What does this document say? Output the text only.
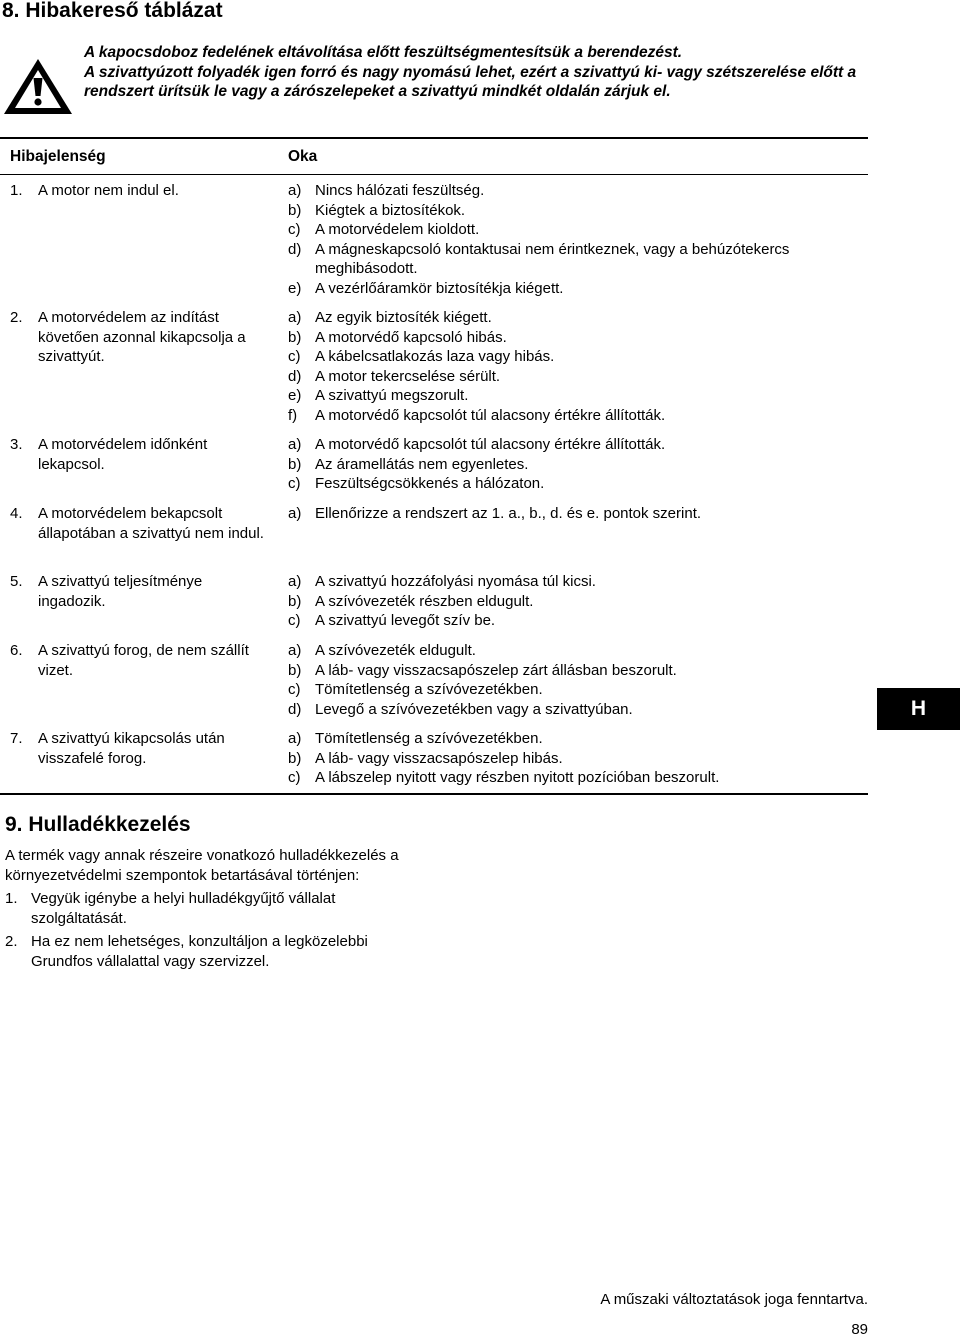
8. Hibakereső táblázat

A kapocsdoboz fedelének eltávolítása előtt feszültségmentesítsük a berendezést.

A szivattyúzott folyadék igen forró és nagy nyomású lehet, ezért a szivattyú ki- vagy szétszerelése előtt a rendszert ürítsük le vagy a zárószelepeket a szivattyú mindkét oldalán zárjuk el.

Hibajelenség	Oka
1.	A motor nem indul el.	a) Nincs hálózati feszültség.
b) Kiégtek a biztosítékok.
c) A motorvédelem kioldott.
d) A mágneskapcsoló kontaktusai nem érintkeznek, vagy a behúzótekercs meghibásodott.
e) A vezérlőáramkör biztosítékja kiégett.
2.	A motorvédelem az indítást követően azonnal kikapcsolja a szivattyút.
a) Az egyik biztosíték kiégett.
b) A motorvédő kapcsoló hibás.
c) A kábelcsatlakozás laza vagy hibás.
d) A motor tekercselése sérült.
e) A szivattyú megszorult.
f) A motorvédő kapcsolót túl alacsony értékre állították.
3.	A motorvédelem időnként lekapcsol.
a) A motorvédő kapcsolót túl alacsony értékre állították.
b) Az áramellátás nem egyenletes.
c) Feszültségcsökkenés a hálózaton.
4.	A motorvédelem bekapcsolt állapotában a szivattyú nem indul.
a) Ellenőrizze a rendszert az 1. a., b., d. és e. pontok szerint.
5.	A szivattyú teljesítménye ingadozik.
a) A szivattyú hozzáfolyási nyomása túl kicsi.
b) A szívóvezeték részben eldugult.
c) A szivattyú levegőt szív be.
6.	A szivattyú forog, de nem szállít vizet.
a) A szívóvezeték eldugult.
b) A láb- vagy visszacsapószelep zárt állásban beszorult.
c) Tömítetlenség a szívóvezetékben.
d) Levegő a szívóvezetékben vagy a szivattyúban.
7.	A szivattyú kikapcsolás után visszafelé forog.
a) Tömítetlenség a szívóvezetékben.
b) A láb- vagy visszacsapószelep hibás.
c) A lábszelep nyitott vagy részben nyitott pozícióban beszorult.
H
9. Hulladékkezelés

A termék vagy annak részeire vonatkozó hulladékkezelés a környezetvédelmi szempontok betartásával történjen:

1. Vegyük igénybe a helyi hulladékgyűjtő vállalat szolgáltatását.
2. Ha ez nem lehetséges, konzultáljon a legközelebbi Grundfos vállalattal vagy szervizzel.
A műszaki változtatások joga fenntartva.
89
